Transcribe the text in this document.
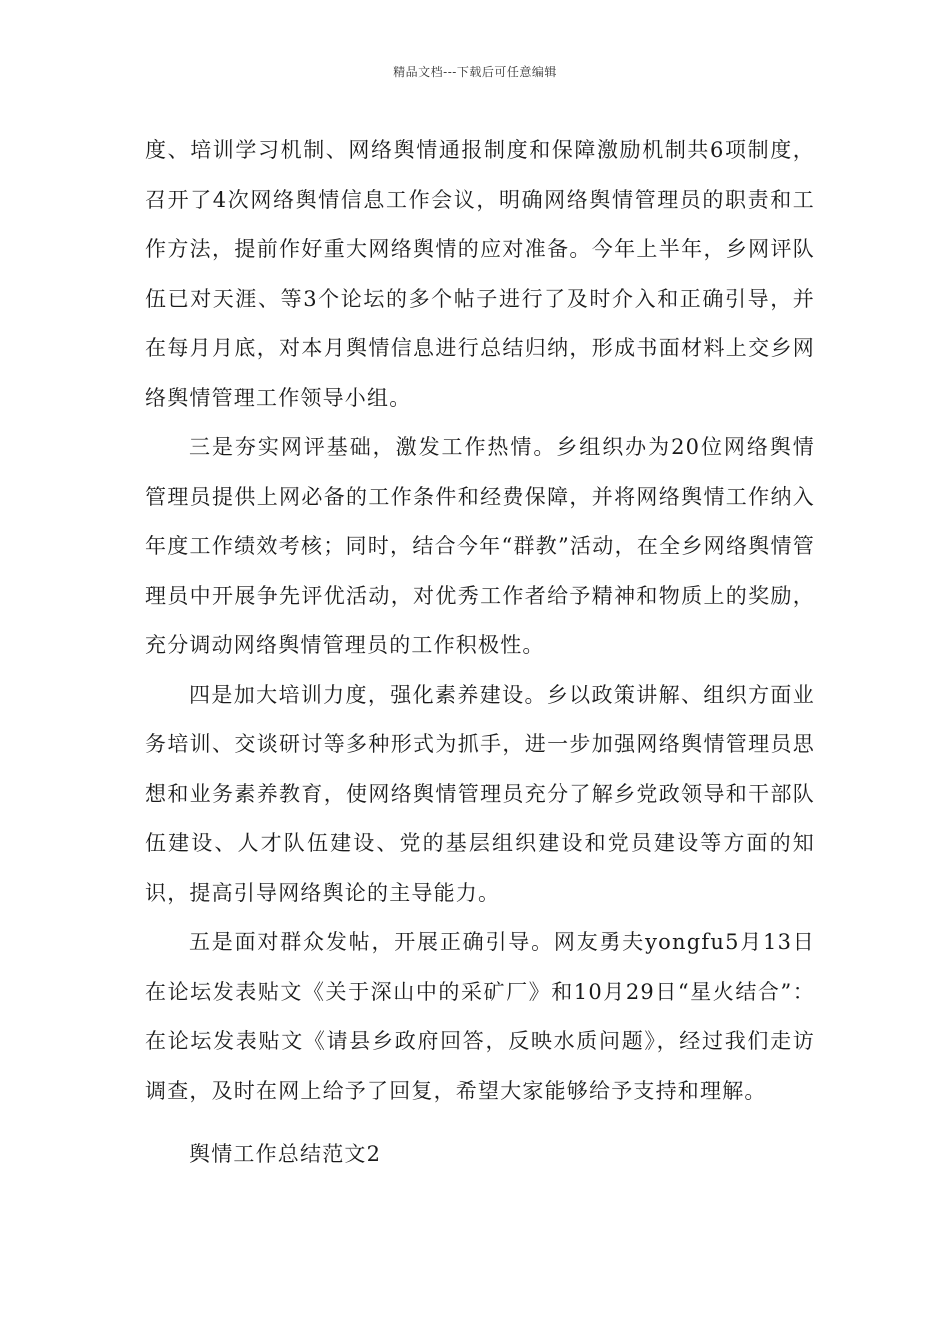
精品文档---下载后可任意编辑

度、培训学习机制、网络舆情通报制度和保障激励机制共6项制度，召开了4次网络舆情信息工作会议，明确网络舆情管理员的职责和工作方法，提前作好重大网络舆情的应对准备。今年上半年，乡网评队伍已对天涯、等3个论坛的多个帖子进行了及时介入和正确引导，并在每月月底，对本月舆情信息进行总结归纳，形成书面材料上交乡网络舆情管理工作领导小组。

三是夯实网评基础，激发工作热情。乡组织办为20位网络舆情管理员提供上网必备的工作条件和经费保障，并将网络舆情工作纳入年度工作绩效考核；同时，结合今年“群教”活动，在全乡网络舆情管理员中开展争先评优活动，对优秀工作者给予精神和物质上的奖励，充分调动网络舆情管理员的工作积极性。

四是加大培训力度，强化素养建设。乡以政策讲解、组织方面业务培训、交谈研讨等多种形式为抓手，进一步加强网络舆情管理员思想和业务素养教育，使网络舆情管理员充分了解乡党政领导和干部队伍建设、人才队伍建设、党的基层组织建设和党员建设等方面的知识，提高引导网络舆论的主导能力。

五是面对群众发帖，开展正确引导。网友勇夫yongfu5月13日在论坛发表贴文《关于深山中的采矿厂》和10月29日“星火结合”：在论坛发表贴文《请县乡政府回答，反映水质问题》，经过我们走访调查，及时在网上给予了回复，希望大家能够给予支持和理解。

舆情工作总结范文2
